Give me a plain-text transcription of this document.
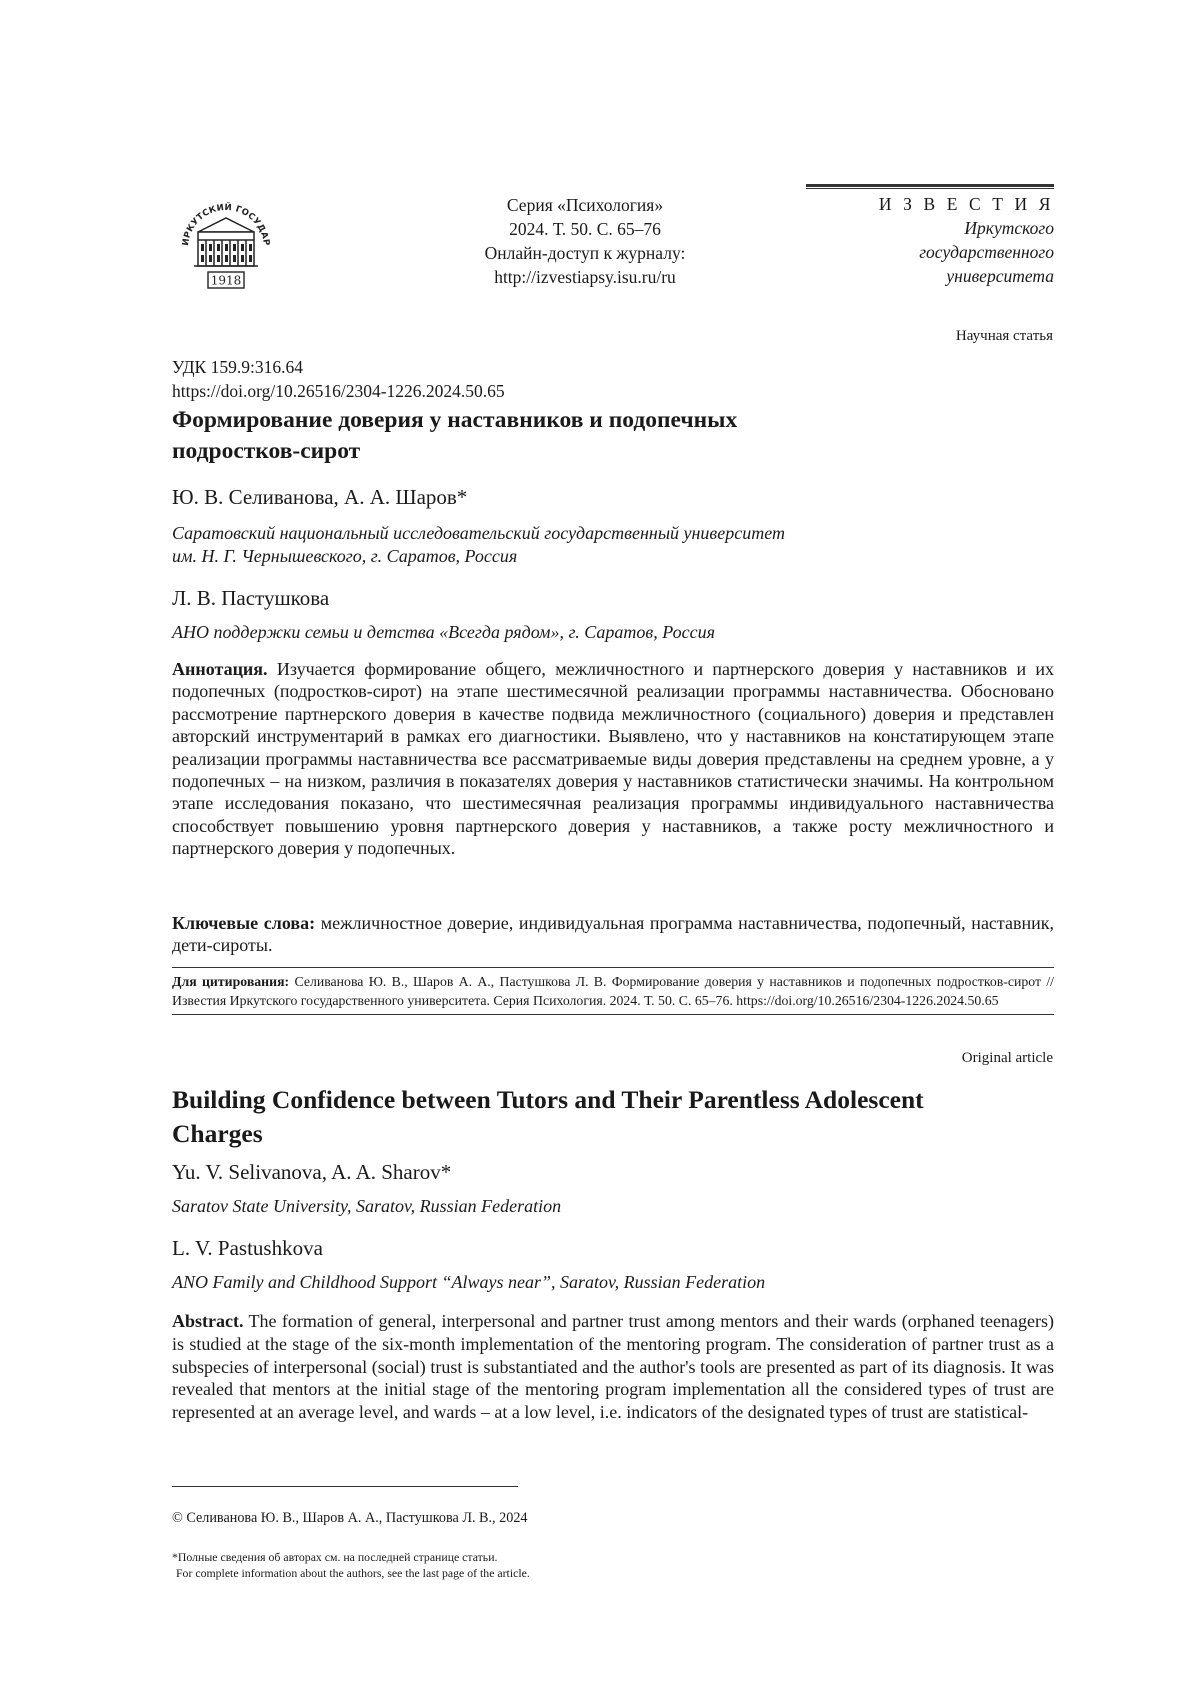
ИРКУТСКИЙ ГОСУДАР
1918
Серия «Психология»
2024. Т. 50. С. 65–76
Онлайн-доступ к журналу:
http://izvestiapsy.isu.ru/ru
И З В Е С Т И Я
Иркутского
государственного
университета
Научная статья
УДК 159.9:316.64
https://doi.org/10.26516/2304-1226.2024.50.65
Формирование доверия у наставников и подопечных
подростков-сирот
Ю. В. Селиванова, А. А. Шаров*
Саратовский национальный исследовательский государственный университет
им. Н. Г. Чернышевского, г. Саратов, Россия
Л. В. Пастушкова
АНО поддержки семьи и детства «Всегда рядом», г. Саратов, Россия
Аннотация. Изучается формирование общего, межличностного и партнерского доверия у наставников и их подопечных (подростков-сирот) на этапе шестимесячной реализации программы наставничества. Обосновано рассмотрение партнерского доверия в качестве подвида межличностного (социального) доверия и представлен авторский инструментарий в рамках его диагностики. Выявлено, что у наставников на констатирующем этапе реализации программы наставничества все рассматриваемые виды доверия представлены на среднем уровне, а у подопечных – на низком, различия в показателях доверия у наставников статистически значимы. На контрольном этапе исследования показано, что шестимесячная реализация программы индивидуального наставничества способствует повышению уровня партнерского доверия у наставников, а также росту межличностного и партнерского доверия у подопечных.
Ключевые слова: межличностное доверие, индивидуальная программа наставничества, подопечный, наставник, дети-сироты.
Для цитирования: Селиванова Ю. В., Шаров А. А., Пастушкова Л. В. Формирование доверия у наставников и подопечных подростков-сирот // Известия Иркутского государственного университета. Серия Психология. 2024. Т. 50. С. 65–76. https://doi.org/10.26516/2304-1226.2024.50.65
Original article
Building Confidence between Tutors and Their Parentless Adolescent
Charges
Yu. V. Selivanova, A. A. Sharov*
Saratov State University, Saratov, Russian Federation
L. V. Pastushkova
ANO Family and Childhood Support “Always near”, Saratov, Russian Federation
Abstract. The formation of general, interpersonal and partner trust among mentors and their wards (orphaned teenagers) is studied at the stage of the six-month implementation of the mentoring program. The consideration of partner trust as a subspecies of interpersonal (social) trust is substantiated and the author's tools are presented as part of its diagnosis. It was revealed that mentors at the initial stage of the mentoring program implementation all the considered types of trust are represented at an average level, and wards – at a low level, i.e. indicators of the designated types of trust are statistical-
© Селиванова Ю. В., Шаров А. А., Пастушкова Л. В., 2024
*Полные сведения об авторах см. на последней странице статьи.
For complete information about the authors, see the last page of the article.
